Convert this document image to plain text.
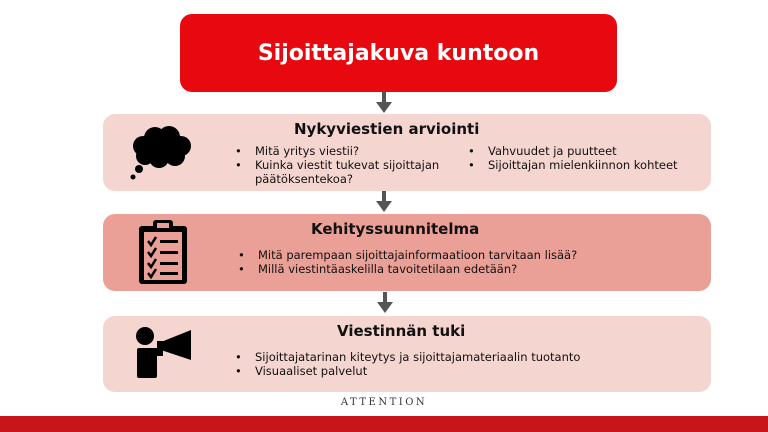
Sijoittajakuva kuntoon
Nykyviestien arviointi
• Mitä yritys viestii?
• Kuinka viestit tukevat sijoittajan päätöksentekoa?
• Vahvuudet ja puutteet
• Sijoittajan mielenkiinnon kohteet
Kehityssuunnitelma
• Mitä parempaan sijoittajainformaatioon tarvitaan lisää?
• Millä viestintäaskelilla tavoitetilaan edetään?
Viestinnän tuki
• Sijoittajatarinan kiteytys ja sijoittajamateriaalin tuotanto
• Visuaaliset palvelut
ATTENTION
